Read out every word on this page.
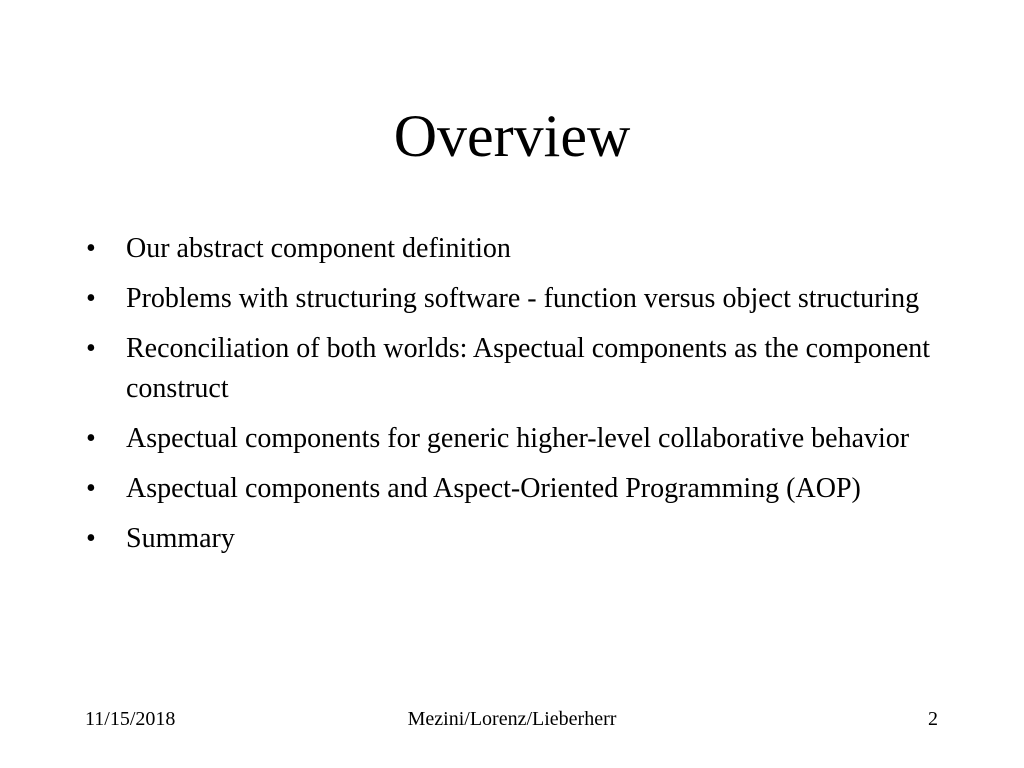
Overview
•	Our abstract component definition
•	Problems with structuring software - function versus object structuring
•	Reconciliation of both worlds: Aspectual components as the component construct
•	Aspectual components for generic higher-level collaborative behavior
•	Aspectual components and Aspect-Oriented Programming (AOP)
•	Summary
11/15/2018	Mezini/Lorenz/Lieberherr	2
